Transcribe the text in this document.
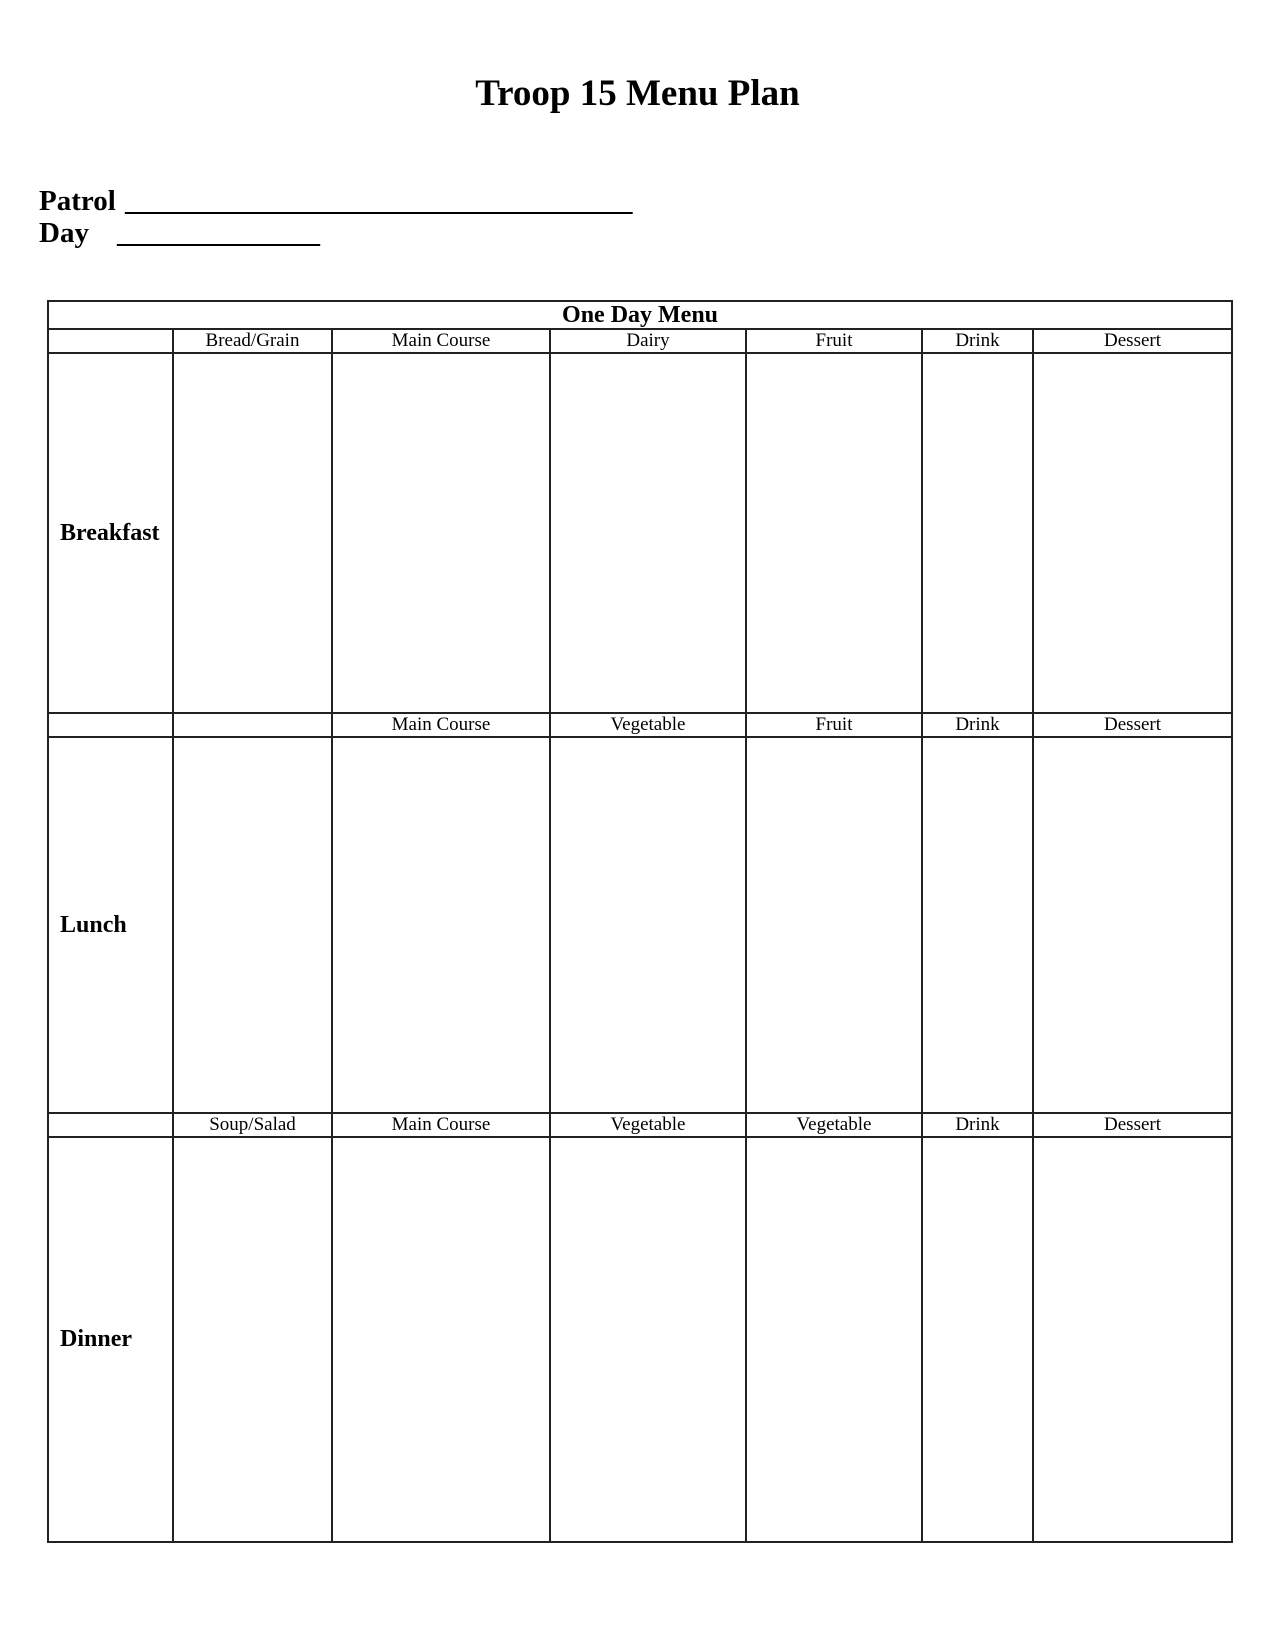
Troop 15 Menu Plan
Patrol ___________________________________
Day ______________
One Day Menu						
	Bread/Grain	Main Course	Dairy	Fruit	Drink	Dessert
Breakfast						
		Main Course	Vegetable	Fruit	Drink	Dessert
Lunch						
	Soup/Salad	Main Course	Vegetable	Vegetable	Drink	Dessert
Dinner						
